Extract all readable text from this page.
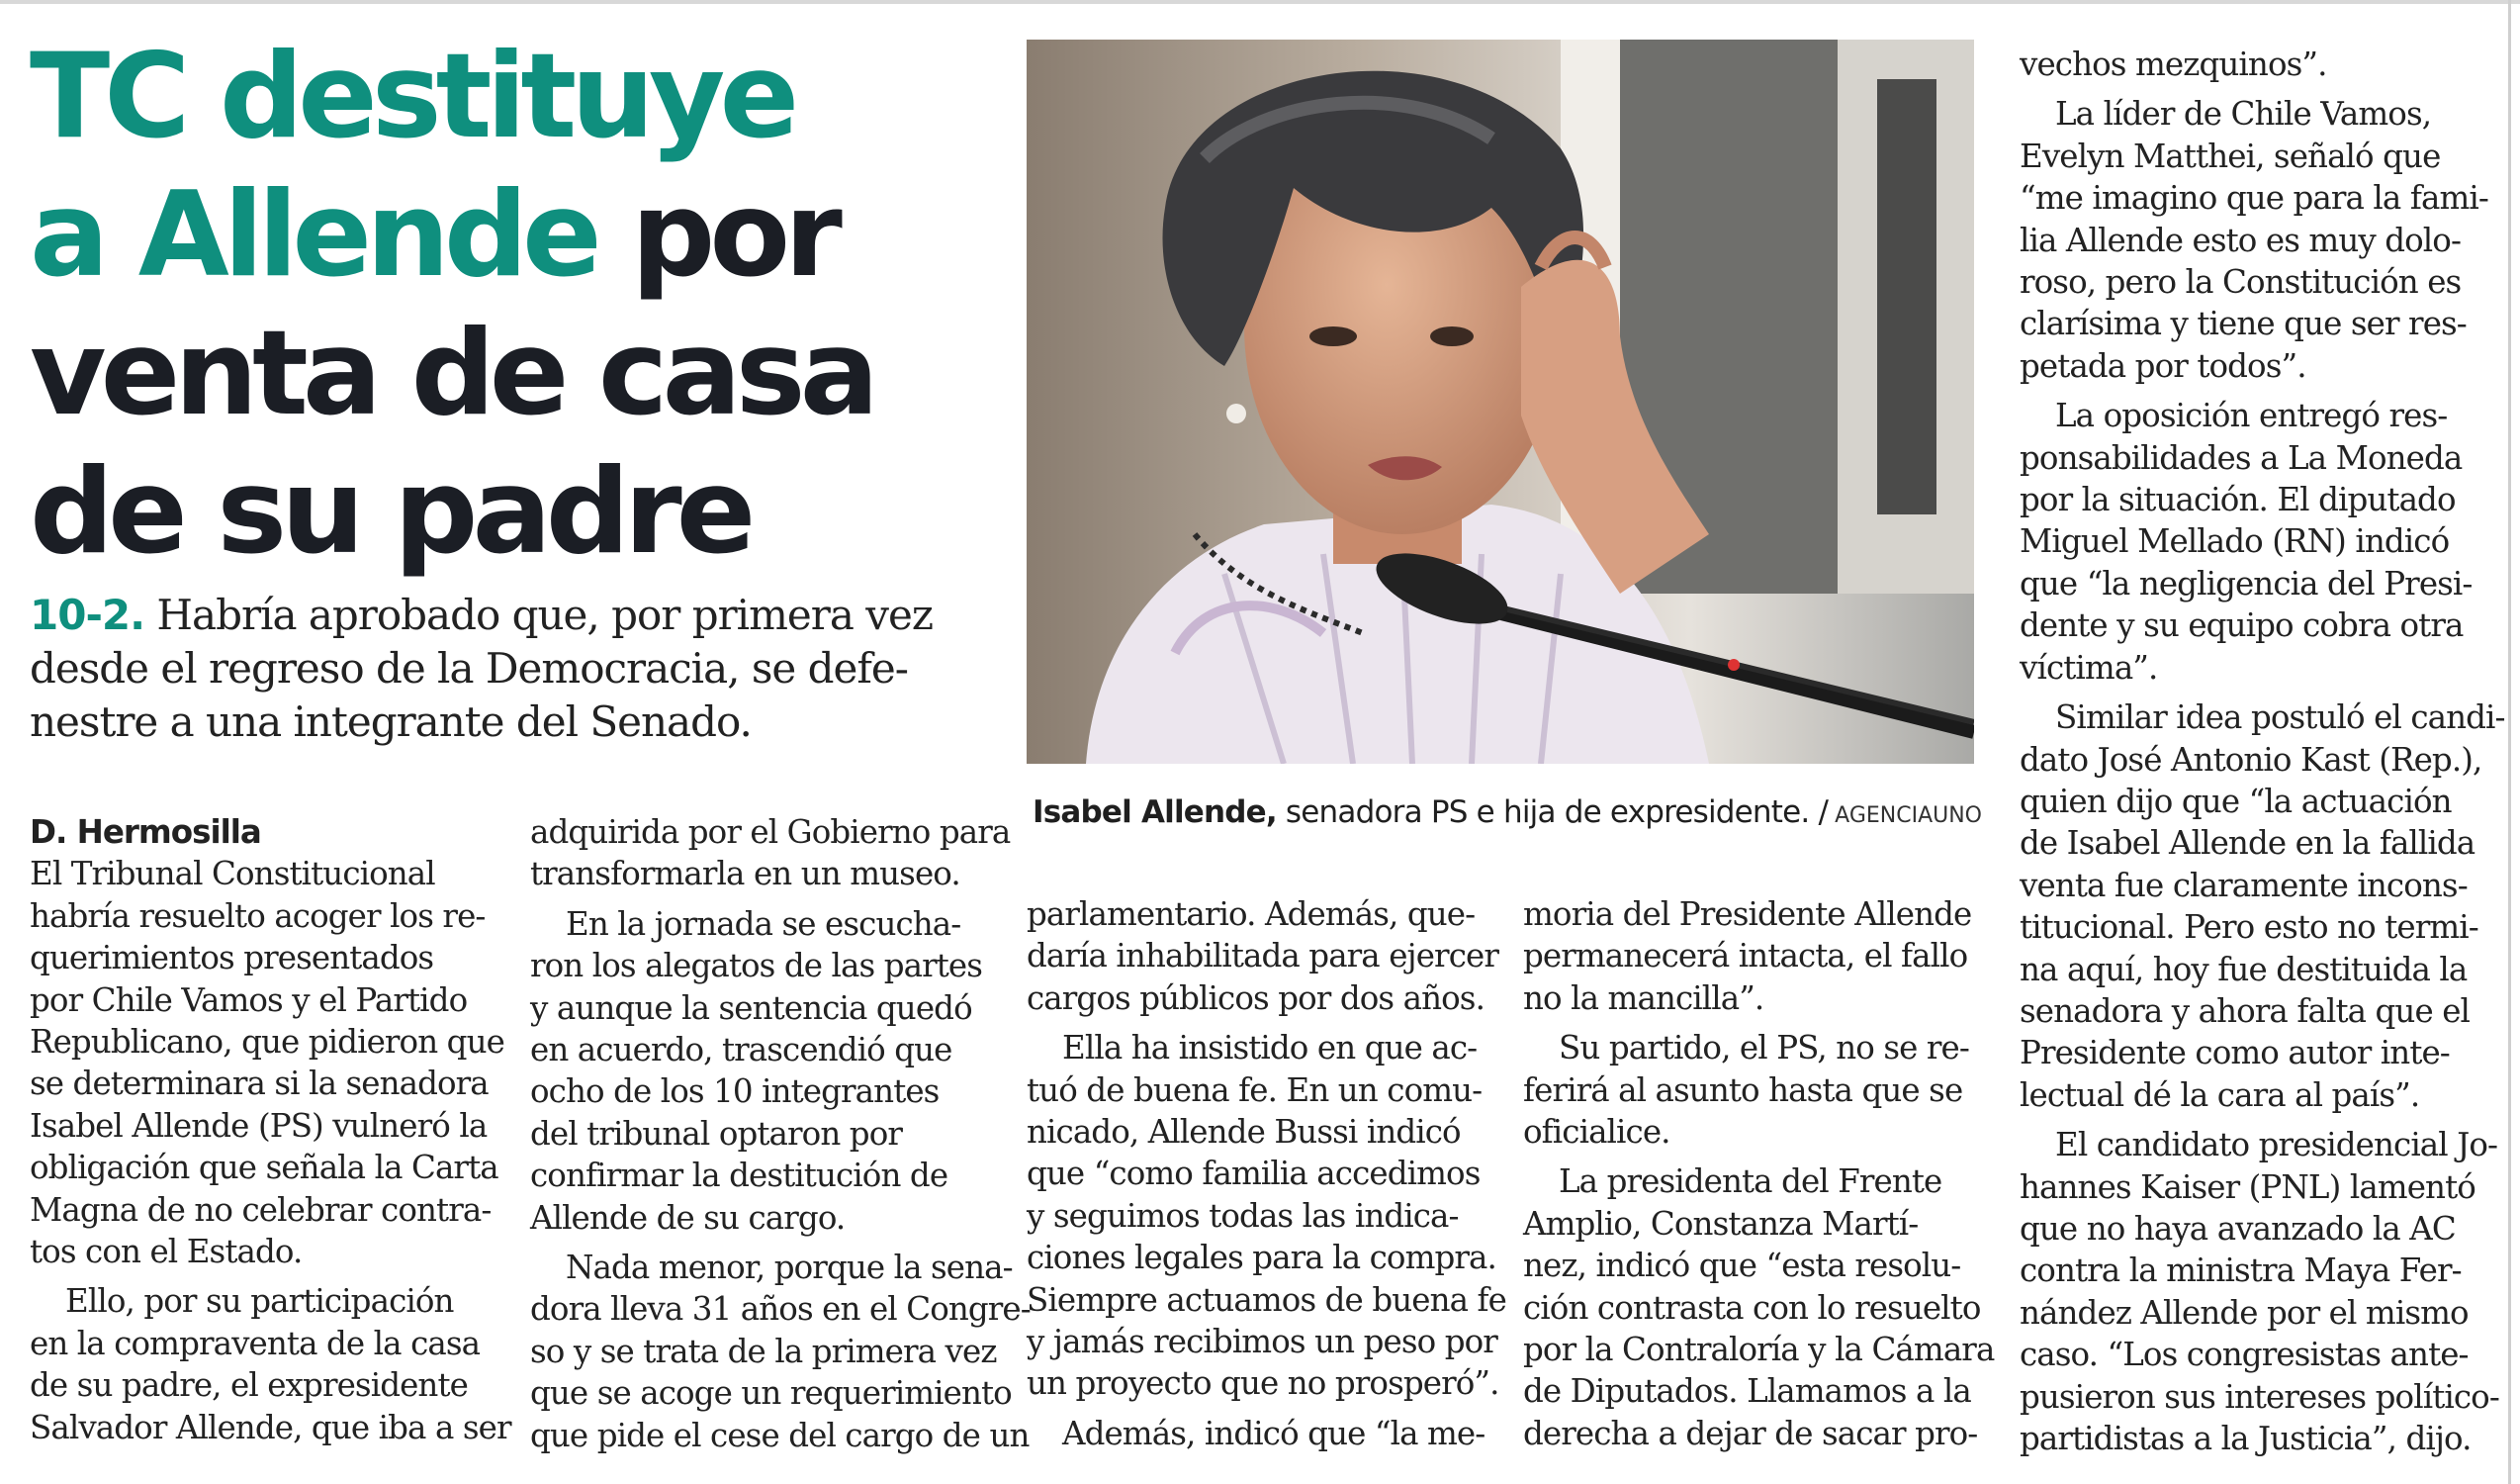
TC destituye
a Allende por
venta de casa
de su padre
10-2. Habría aprobado que, por primera vez
desde el regreso de la Democracia, se defe-
nestre a una integrante del Senado.
Isabel Allende, senadora PS e hija de expresidente. / AGENCIAUNO
D. Hermosilla
El Tribunal Constitucional
habría resuelto acoger los re-
querimientos presentados
por Chile Vamos y el Partido
Republicano, que pidieron que
se determinara si la senadora
Isabel Allende (PS) vulneró la
obligación que señala la Carta
Magna de no celebrar contra-
tos con el Estado.
Ello, por su participación
en la compraventa de la casa
de su padre, el expresidente
Salvador Allende, que iba a ser
adquirida por el Gobierno para
transformarla en un museo.
En la jornada se escucha-
ron los alegatos de las partes
y aunque la sentencia quedó
en acuerdo, trascendió que
ocho de los 10 integrantes
del tribunal optaron por
confirmar la destitución de
Allende de su cargo.
Nada menor, porque la sena-
dora lleva 31 años en el Congre-
so y se trata de la primera vez
que se acoge un requerimiento
que pide el cese del cargo de un
parlamentario. Además, que-
daría inhabilitada para ejercer
cargos públicos por dos años.
Ella ha insistido en que ac-
tuó de buena fe. En un comu-
nicado, Allende Bussi indicó
que “como familia accedimos
y seguimos todas las indica-
ciones legales para la compra.
Siempre actuamos de buena fe
y jamás recibimos un peso por
un proyecto que no prosperó”.
Además, indicó que “la me-
moria del Presidente Allende
permanecerá intacta, el fallo
no la mancilla”.
Su partido, el PS, no se re-
ferirá al asunto hasta que se
oficialice.
La presidenta del Frente
Amplio, Constanza Martí-
nez, indicó que “esta resolu-
ción contrasta con lo resuelto
por la Contraloría y la Cámara
de Diputados. Llamamos a la
derecha a dejar de sacar pro-
vechos mezquinos”.
La líder de Chile Vamos,
Evelyn Matthei, señaló que
“me imagino que para la fami-
lia Allende esto es muy dolo-
roso, pero la Constitución es
clarísima y tiene que ser res-
petada por todos”.
La oposición entregó res-
ponsabilidades a La Moneda
por la situación. El diputado
Miguel Mellado (RN) indicó
que “la negligencia del Presi-
dente y su equipo cobra otra
víctima”.
Similar idea postuló el candi-
dato José Antonio Kast (Rep.),
quien dijo que “la actuación
de Isabel Allende en la fallida
venta fue claramente incons-
titucional. Pero esto no termi-
na aquí, hoy fue destituida la
senadora y ahora falta que el
Presidente como autor inte-
lectual dé la cara al país”.
El candidato presidencial Jo-
hannes Kaiser (PNL) lamentó
que no haya avanzado la AC
contra la ministra Maya Fer-
nández Allende por el mismo
caso. “Los congresistas ante-
pusieron sus intereses político-
partidistas a la Justicia”, dijo.
